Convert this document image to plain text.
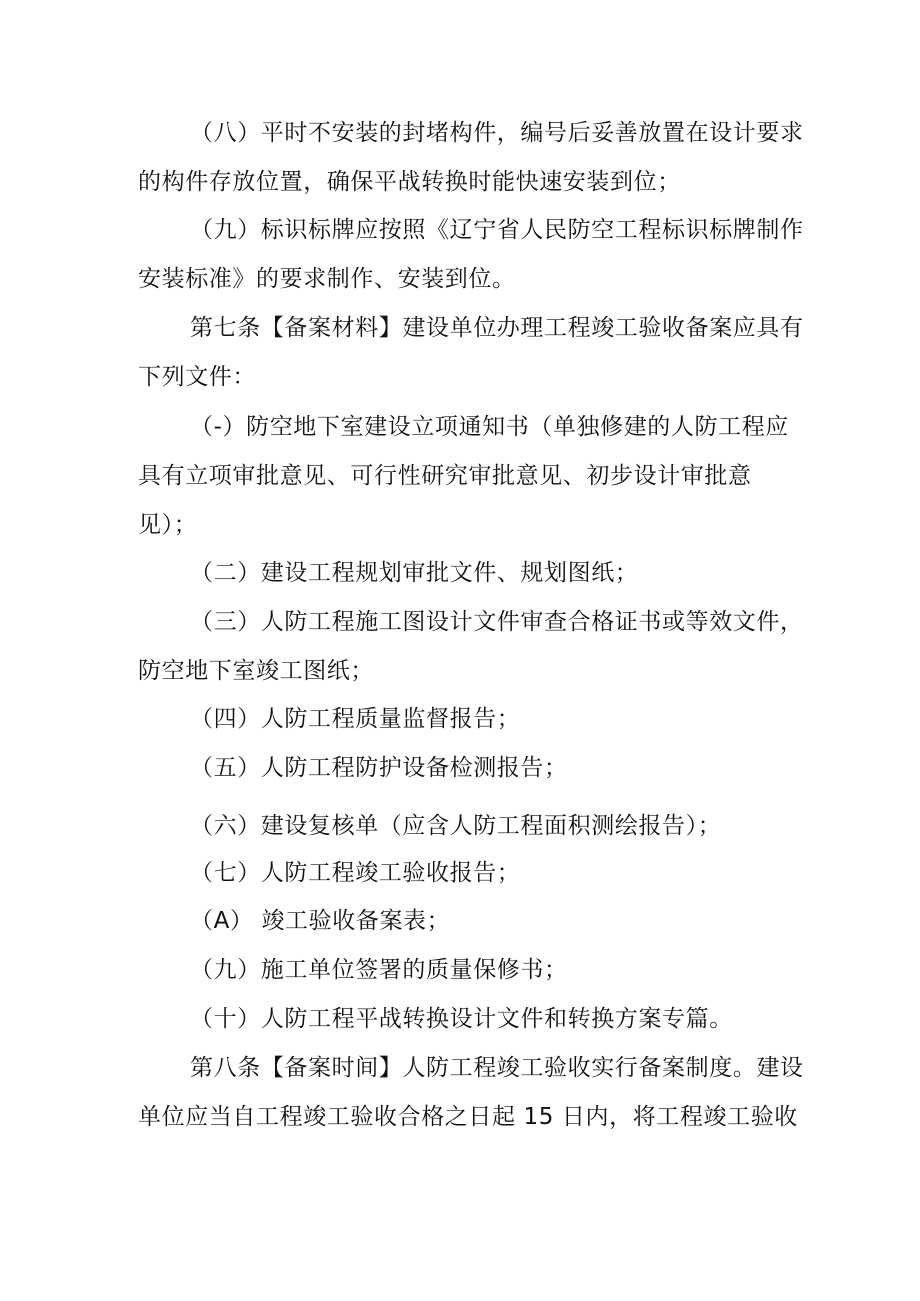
（八）平时不安装的封堵构件，编号后妥善放置在设计要求

的构件存放位置，确保平战转换时能快速安装到位；

（九）标识标牌应按照《辽宁省人民防空工程标识标牌制作

安装标准》的要求制作、安装到位。

第七条【备案材料】建设单位办理工程竣工验收备案应具有

下列文件：

（-）防空地下室建设立项通知书（单独修建的人防工程应

具有立项审批意见、可行性研究审批意见、初步设计审批意

见）；

（二）建设工程规划审批文件、规划图纸；

（三）人防工程施工图设计文件审查合格证书或等效文件，

防空地下室竣工图纸；

（四）人防工程质量监督报告；

（五）人防工程防护设备检测报告；

（六）建设复核单（应含人防工程面积测绘报告）；

（七）人防工程竣工验收报告；

（A） 竣工验收备案表；

（九）施工单位签署的质量保修书；

（十）人防工程平战转换设计文件和转换方案专篇。

第八条【备案时间】人防工程竣工验收实行备案制度。建设

单位应当自工程竣工验收合格之日起 15 日内，将工程竣工验收
